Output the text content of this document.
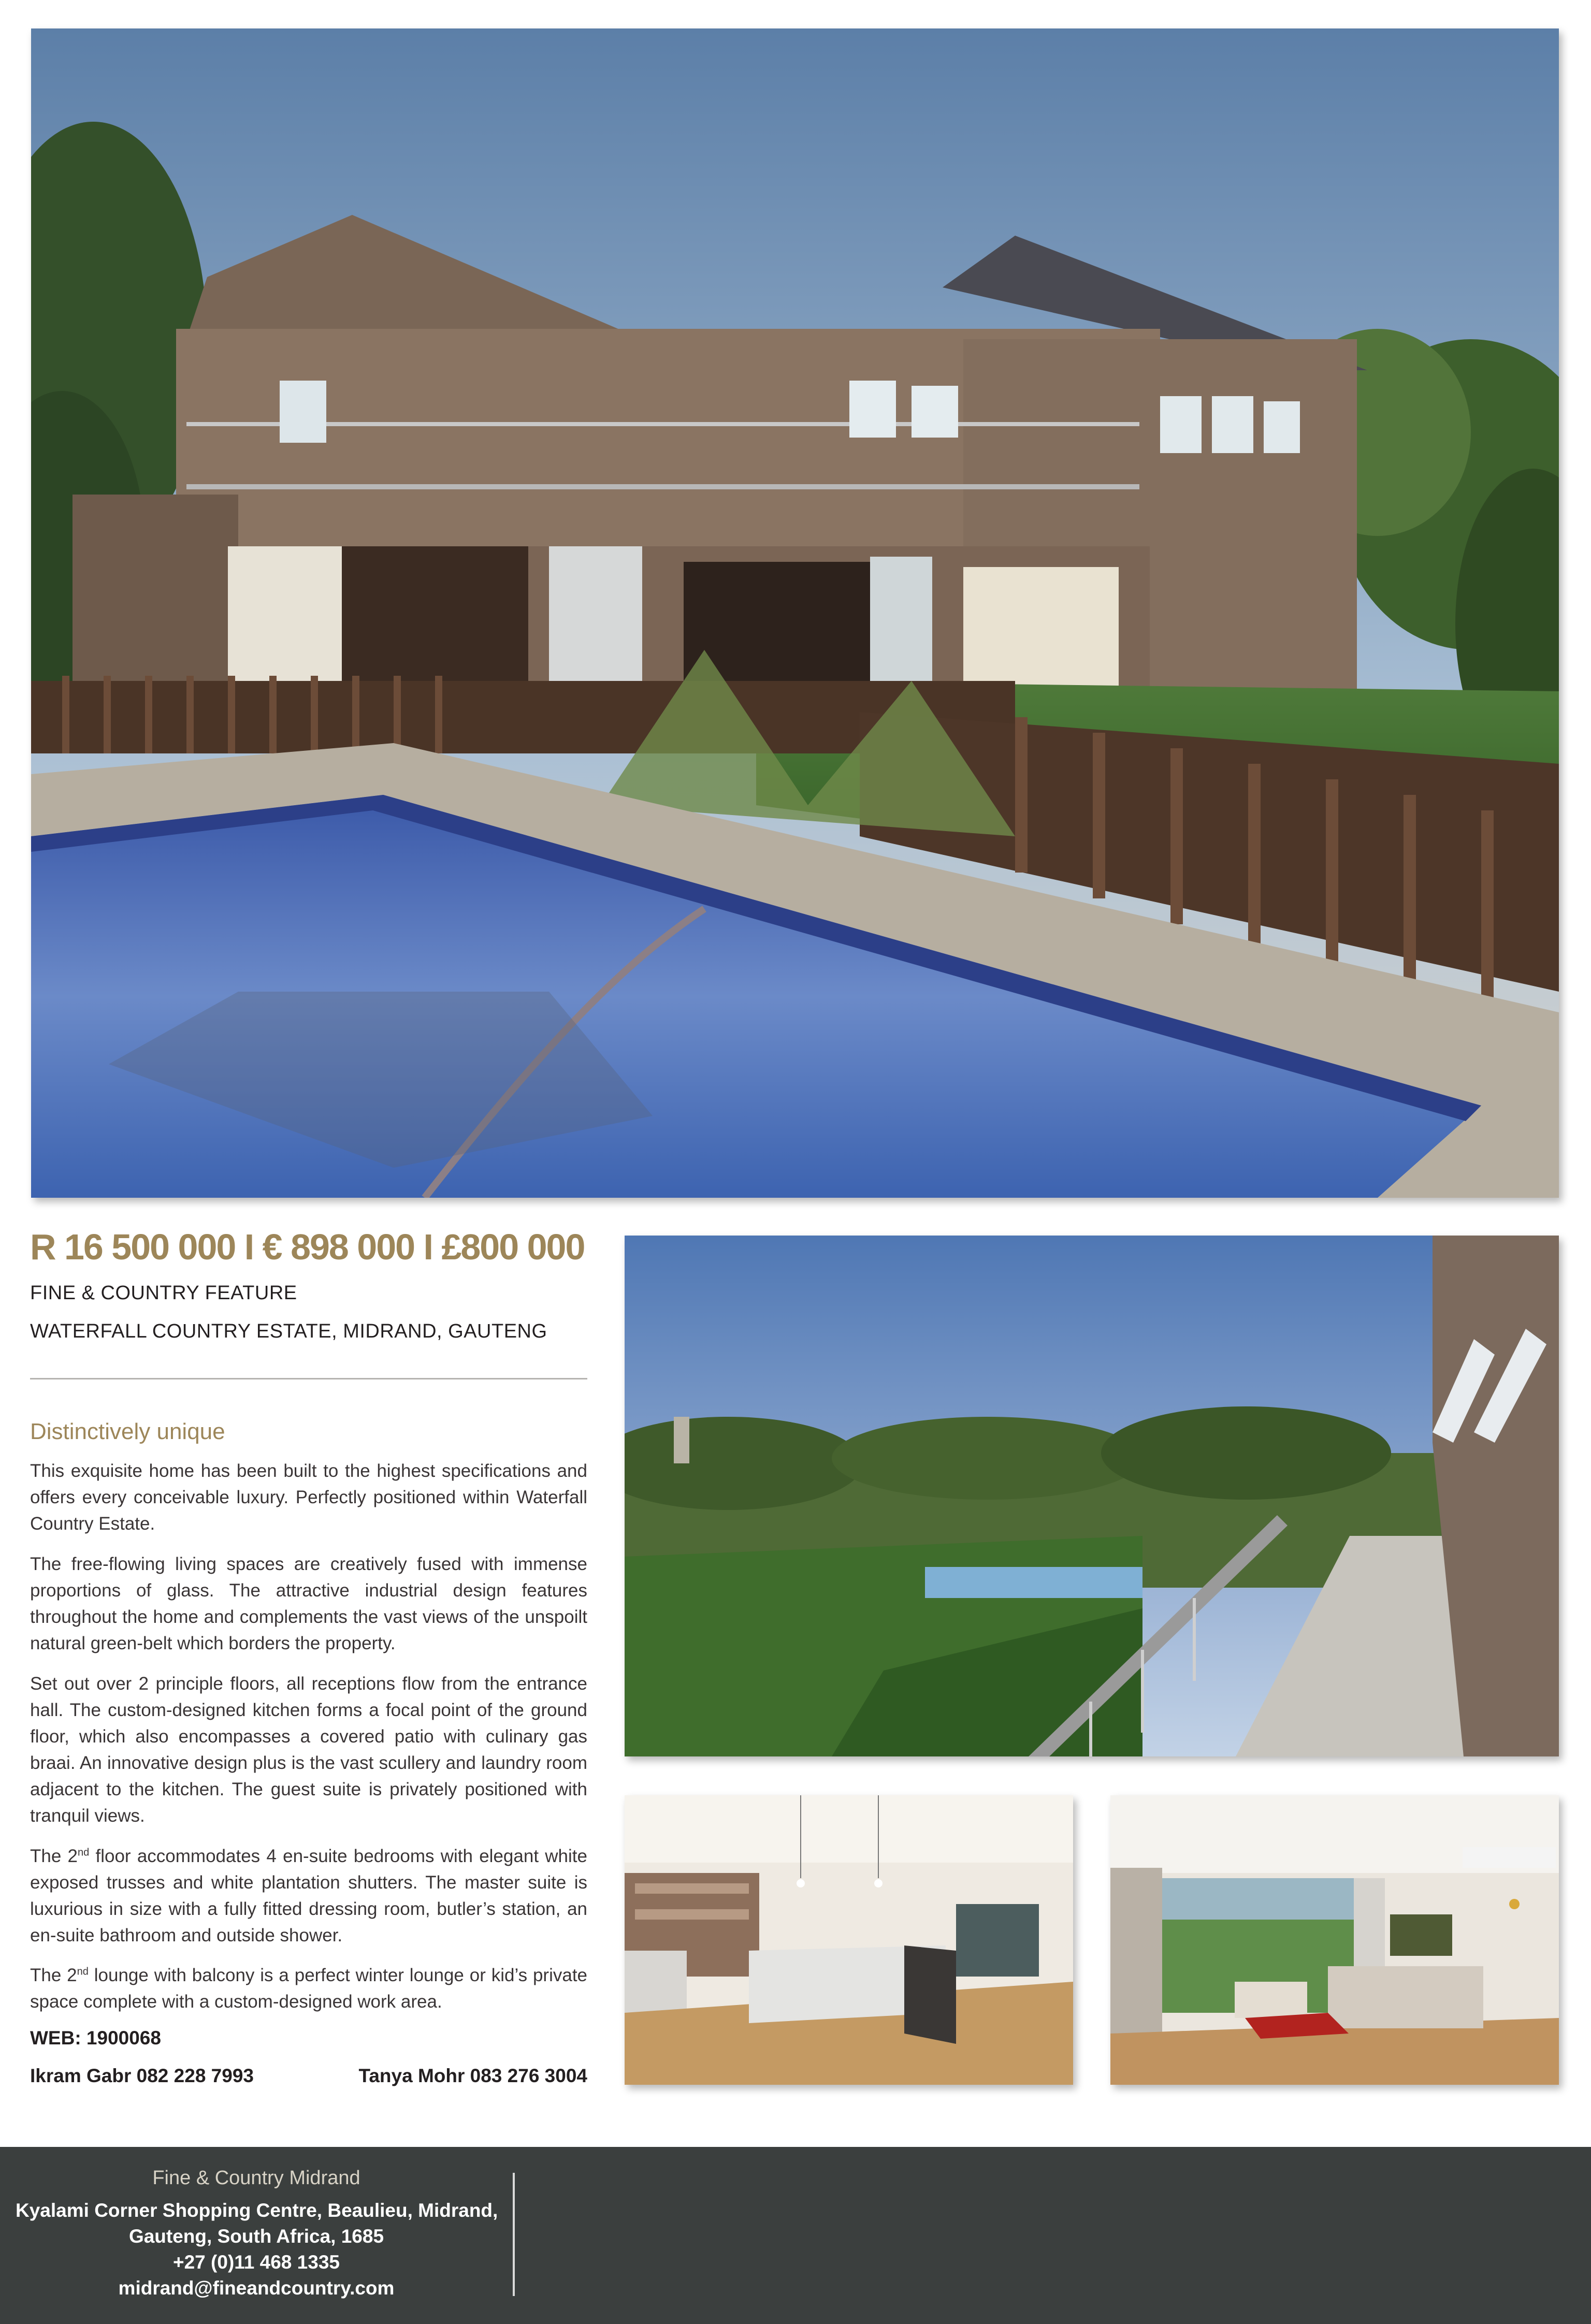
R 16 500 000 I € 898 000 I £800 000
FINE & COUNTRY FEATURE
WATERFALL COUNTRY ESTATE, MIDRAND, GAUTENG
Distinctively unique

This exquisite home has been built to the highest specifications and offers every conceivable luxury. Perfectly positioned within Waterfall Country Estate.

The free-flowing living spaces are creatively fused with immense proportions of glass. The attractive industrial design features throughout the home and complements the vast views of the unspoilt natural green-belt which borders the property.

Set out over 2 principle floors, all receptions flow from the entrance hall. The custom-designed kitchen forms a focal point of the ground floor, which also encompasses a covered patio with culinary gas braai. An innovative design plus is the vast scullery and laundry room adjacent to the kitchen. The guest suite is privately positioned with tranquil views.

The 2nd floor accommodates 4 en-suite bedrooms with elegant white exposed trusses and white plantation shutters. The master suite is luxurious in size with a fully fitted dressing room, butler’s station, an en-suite bathroom and outside shower.

The 2nd lounge with balcony is a perfect winter lounge or kid’s private space complete with a custom-designed work area.

WEB: 1900068
Ikram Gabr 082 228 7993	Tanya Mohr 083 276 3004
Fine & Country Midrand
Kyalami Corner Shopping Centre, Beaulieu, Midrand,
Gauteng, South Africa, 1685
+27 (0)11 468 1335
midrand@fineandcountry.com
